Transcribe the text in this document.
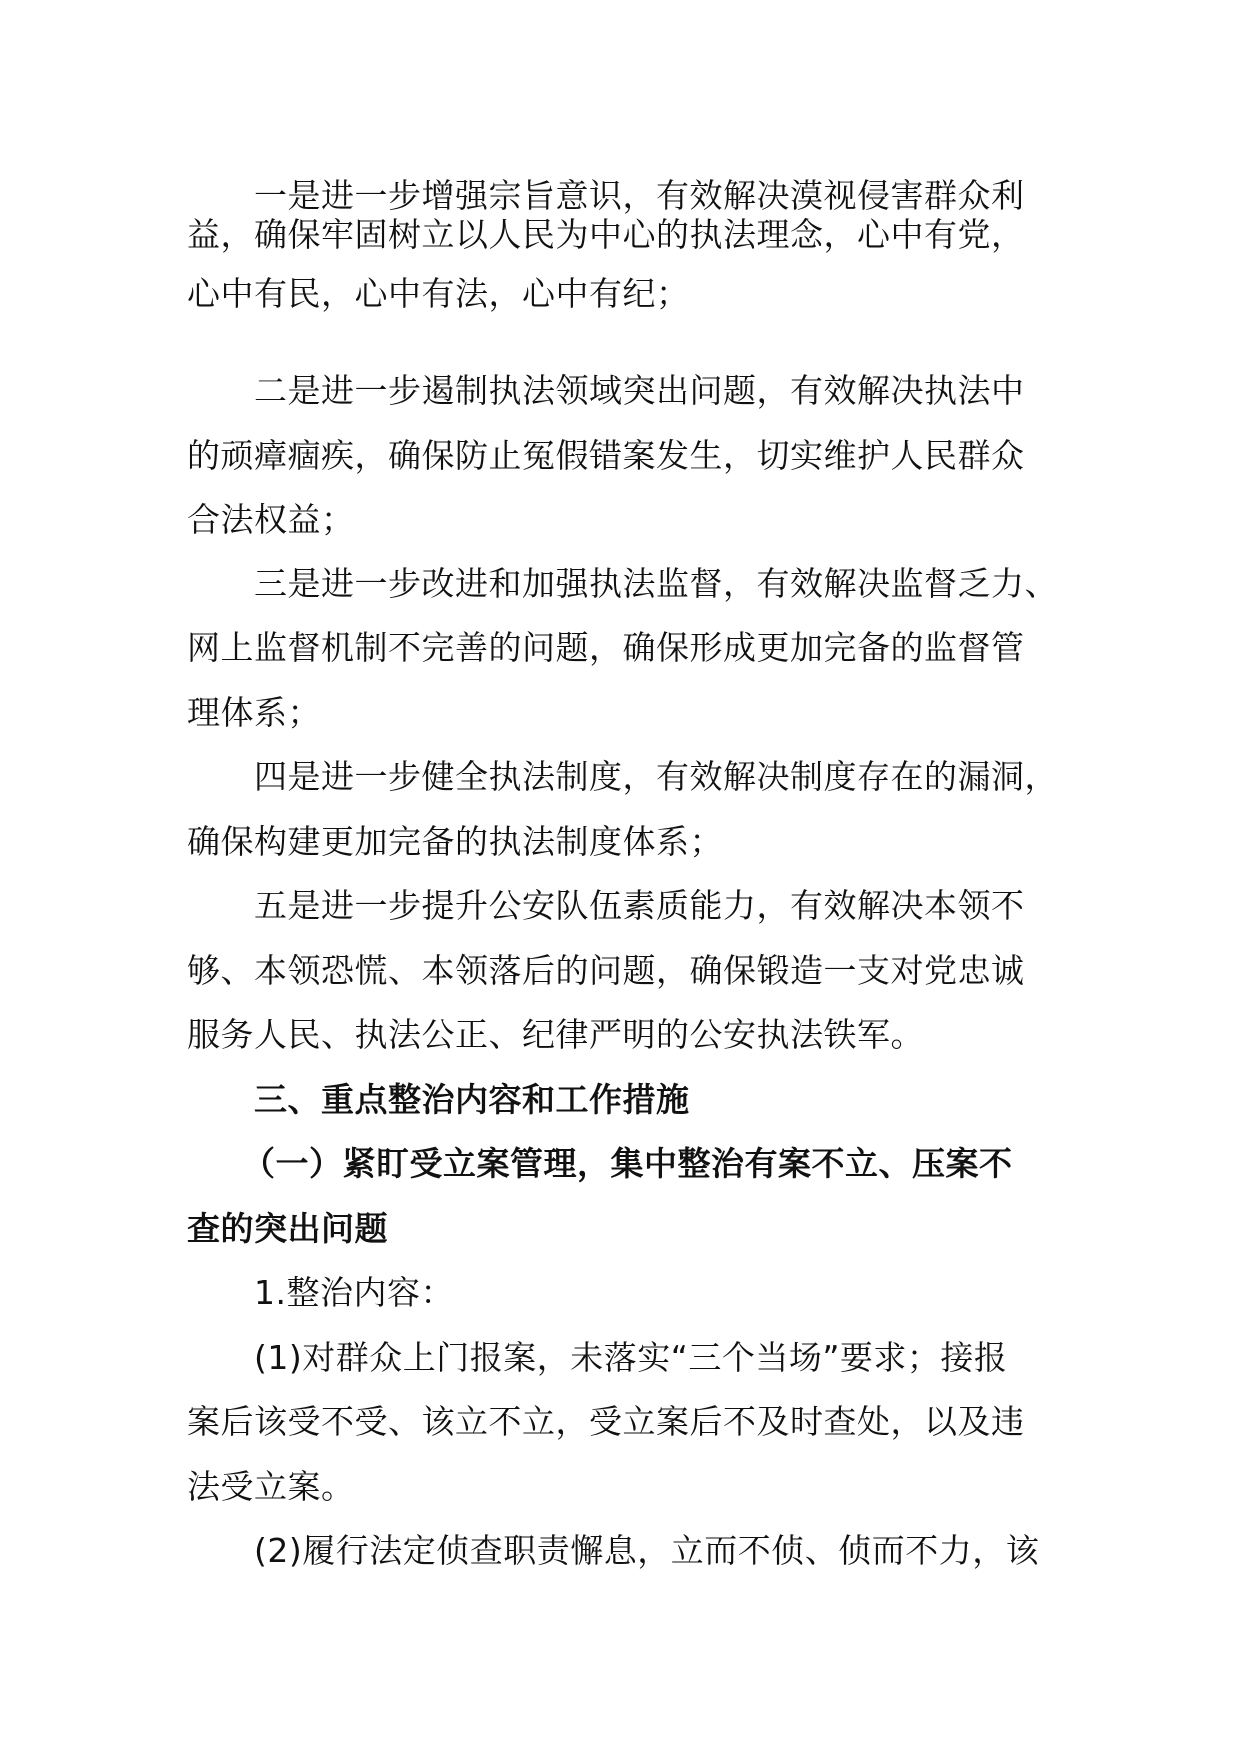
一是进一步增强宗旨意识，有效解决漠视侵害群众利
益，确保牢固树立以人民为中心的执法理念，心中有党，
心中有民，心中有法，心中有纪；
二是进一步遏制执法领域突出问题，有效解决执法中
的顽瘴痼疾，确保防止冤假错案发生，切实维护人民群众
合法权益；
三是进一步改进和加强执法监督，有效解决监督乏力、
网上监督机制不完善的问题，确保形成更加完备的监督管
理体系；
四是进一步健全执法制度，有效解决制度存在的漏洞，
确保构建更加完备的执法制度体系；
五是进一步提升公安队伍素质能力，有效解决本领不
够、本领恐慌、本领落后的问题，确保锻造一支对党忠诚
服务人民、执法公正、纪律严明的公安执法铁军。
三、重点整治内容和工作措施
（一）紧盯受立案管理，集中整治有案不立、压案不
查的突出问题
1.整治内容：
(1)对群众上门报案，未落实“三个当场”要求；接报
案后该受不受、该立不立，受立案后不及时查处，以及违
法受立案。
(2)履行法定侦查职责懈息，立而不侦、侦而不力，该
